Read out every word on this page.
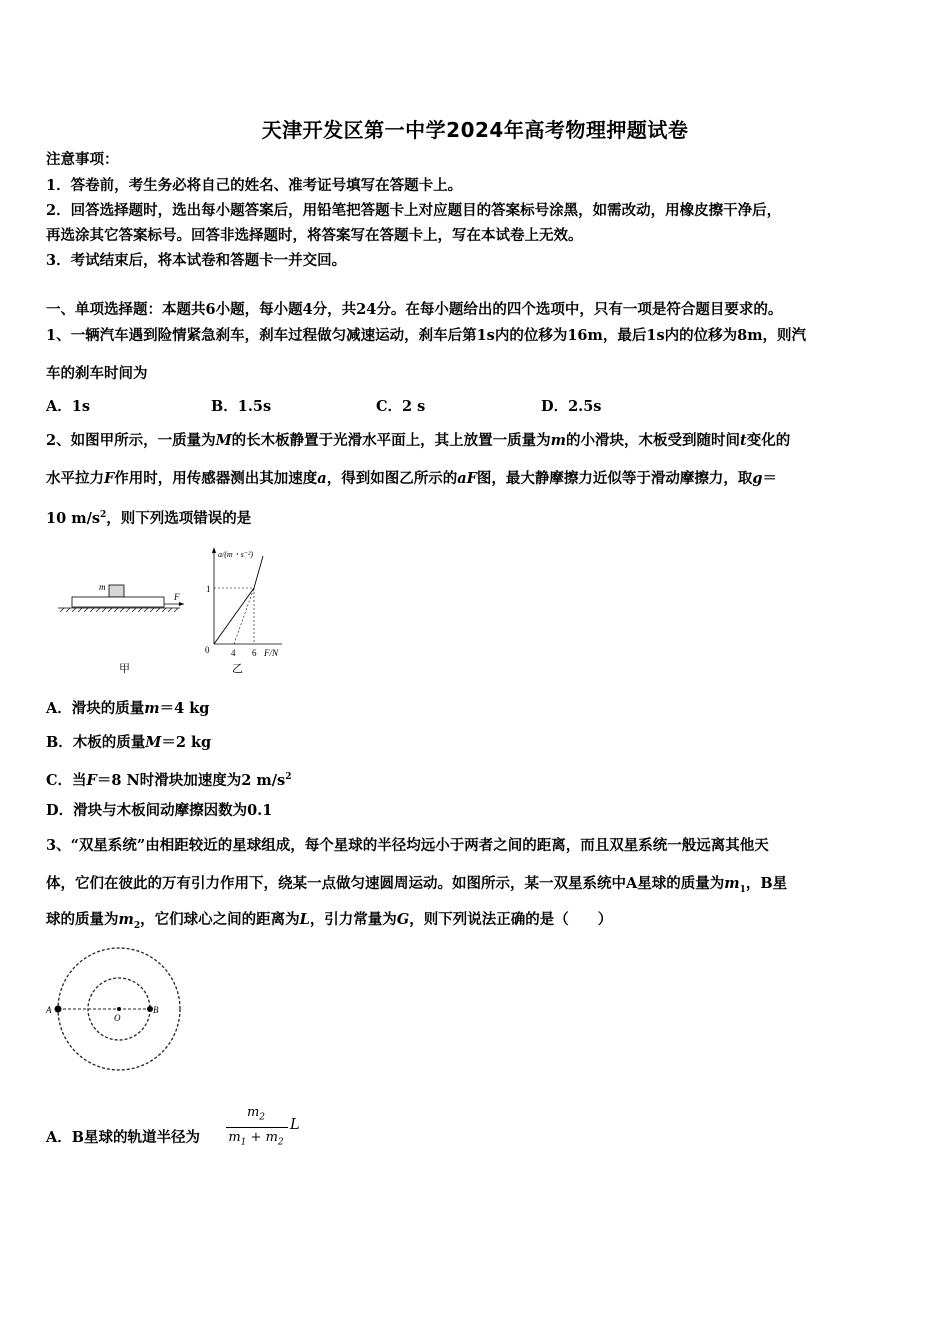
天津开发区第一中学2024年高考物理押题试卷
注意事项：
1．答卷前，考生务必将自己的姓名、准考证号填写在答题卡上。
2．回答选择题时，选出每小题答案后，用铅笔把答题卡上对应题目的答案标号涂黑，如需改动，用橡皮擦干净后，
再选涂其它答案标号。回答非选择题时，将答案写在答题卡上，写在本试卷上无效。
3．考试结束后，将本试卷和答题卡一并交回。
一、单项选择题：本题共6小题，每小题4分，共24分。在每小题给出的四个选项中，只有一项是符合题目要求的。
1、一辆汽车遇到险情紧急刹车，刹车过程做匀减速运动，刹车后第1s内的位移为16m，最后1s内的位移为8m，则汽
车的刹车时间为
A．1s	B．1.5s	C．2 s	D．2.5s
2、如图甲所示，一质量为M的长木板静置于光滑水平面上，其上放置一质量为m的小滑块，木板受到随时间t变化的
水平拉力F作用时，用传感器测出其加速度a，得到如图乙所示的aF图，最大静摩擦力近似等于滑动摩擦力，取g＝
10 $m/s^2$，则下列选项错误的是
m
F
甲
a/(m・s⁻²)
1
0 4 6 F/N
乙
A．滑块的质量m＝4 kg
B．木板的质量M＝2 kg
C．当F＝8 N时滑块加速度为2 $m/s^2$
D．滑块与木板间动摩擦因数为0.1
3、“双星系统”由相距较近的星球组成，每个星球的半径均远小于两者之间的距离，而且双星系统一般远离其他天
体，它们在彼此的万有引力作用下，绕某一点做匀速圆周运动。如图所示，某一双星系统中A星球的质量为$m_1$，B星
球的质量为$m_2$，它们球心之间的距离为L，引力常量为G，则下列说法正确的是（　　）
A
O
B
A．B星球的轨道半径为
$m_2$
$m_1 + m_2$
L
